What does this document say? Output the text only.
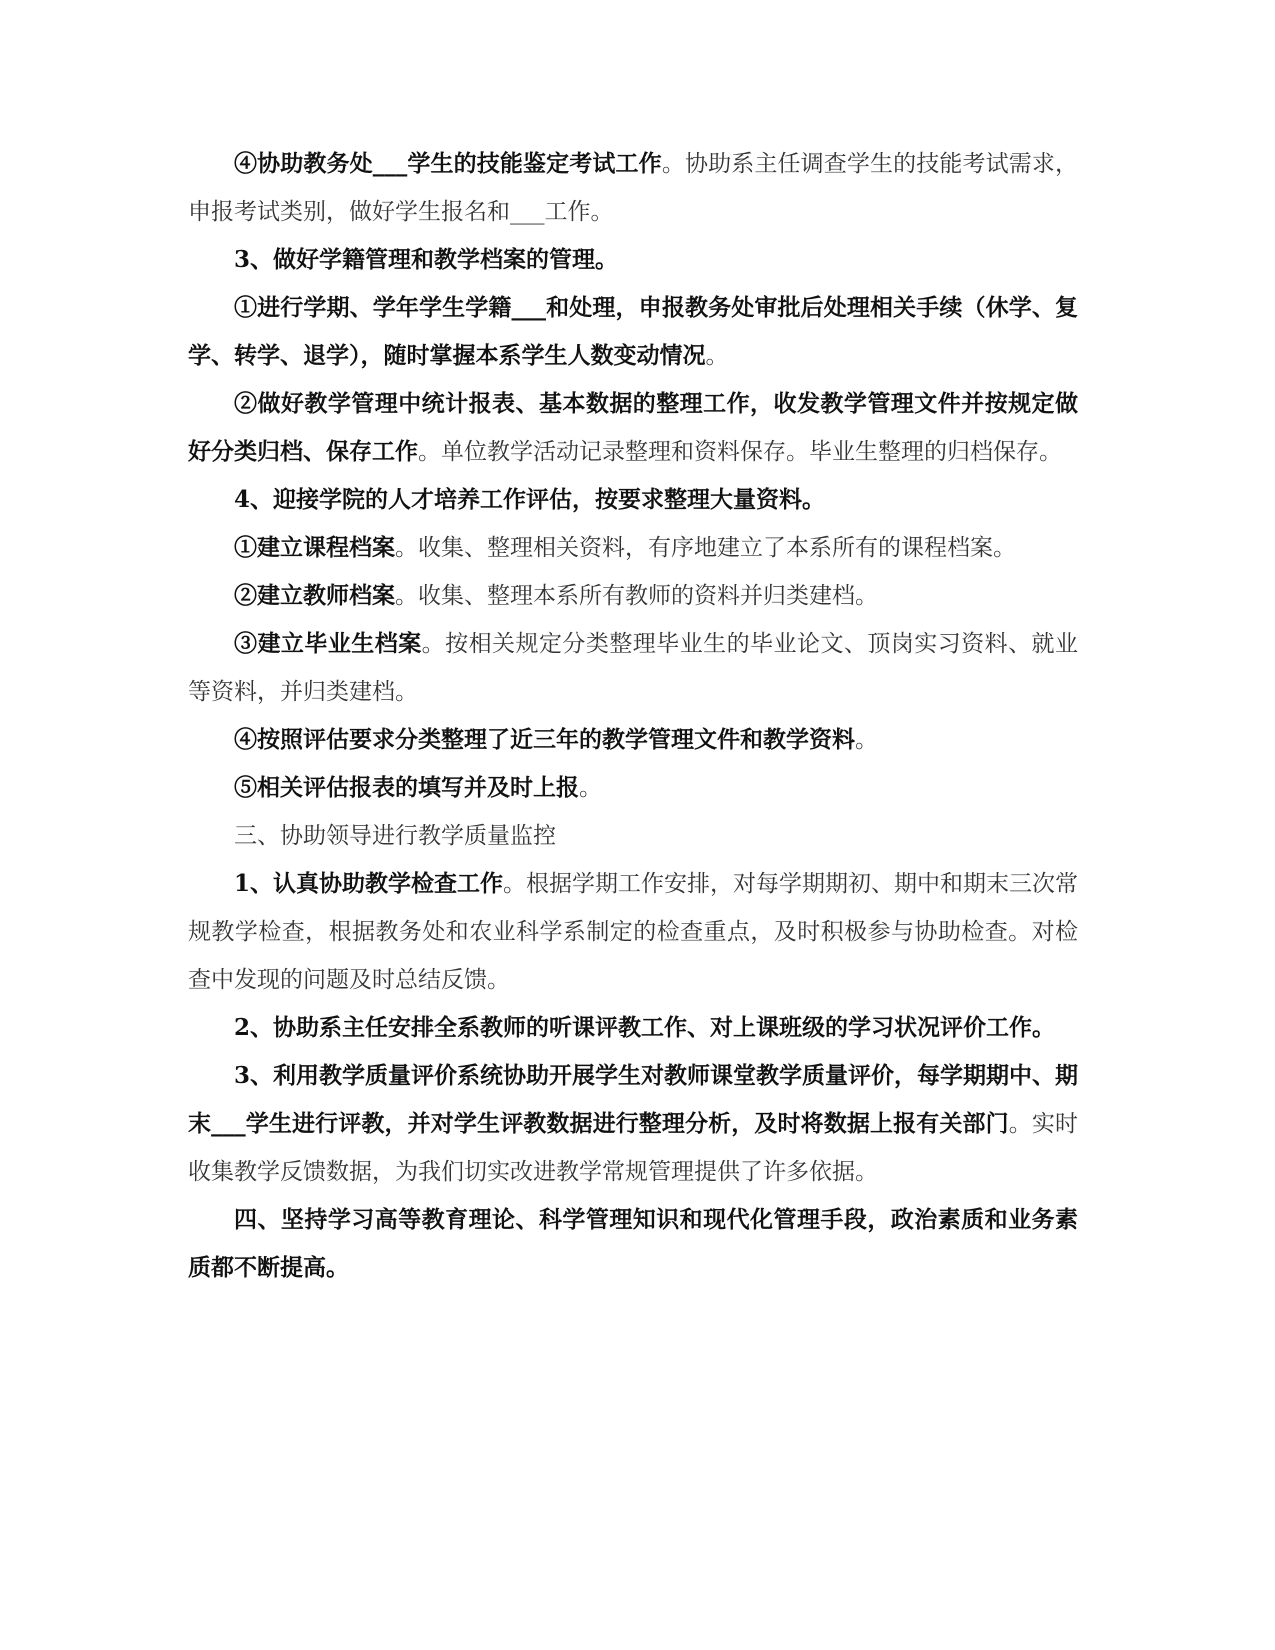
④协助教务处___学生的技能鉴定考试工作。协助系主任调查学生的技能考试需求，申报考试类别，做好学生报名和___工作。

3、做好学籍管理和教学档案的管理。

①进行学期、学年学生学籍___和处理，申报教务处审批后处理相关手续（休学、复学、转学、退学），随时掌握本系学生人数变动情况。

②做好教学管理中统计报表、基本数据的整理工作，收发教学管理文件并按规定做好分类归档、保存工作。单位教学活动记录整理和资料保存。毕业生整理的归档保存。

4、迎接学院的人才培养工作评估，按要求整理大量资料。

①建立课程档案。收集、整理相关资料，有序地建立了本系所有的课程档案。

②建立教师档案。收集、整理本系所有教师的资料并归类建档。

③建立毕业生档案。按相关规定分类整理毕业生的毕业论文、顶岗实习资料、就业等资料，并归类建档。

④按照评估要求分类整理了近三年的教学管理文件和教学资料。

⑤相关评估报表的填写并及时上报。

三、协助领导进行教学质量监控

1、认真协助教学检查工作。根据学期工作安排，对每学期期初、期中和期末三次常规教学检查，根据教务处和农业科学系制定的检查重点，及时积极参与协助检查。对检查中发现的问题及时总结反馈。

2、协助系主任安排全系教师的听课评教工作、对上课班级的学习状况评价工作。

3、利用教学质量评价系统协助开展学生对教师课堂教学质量评价，每学期期中、期末___学生进行评教，并对学生评教数据进行整理分析，及时将数据上报有关部门。实时收集教学反馈数据，为我们切实改进教学常规管理提供了许多依据。

四、坚持学习高等教育理论、科学管理知识和现代化管理手段，政治素质和业务素质都不断提高。
